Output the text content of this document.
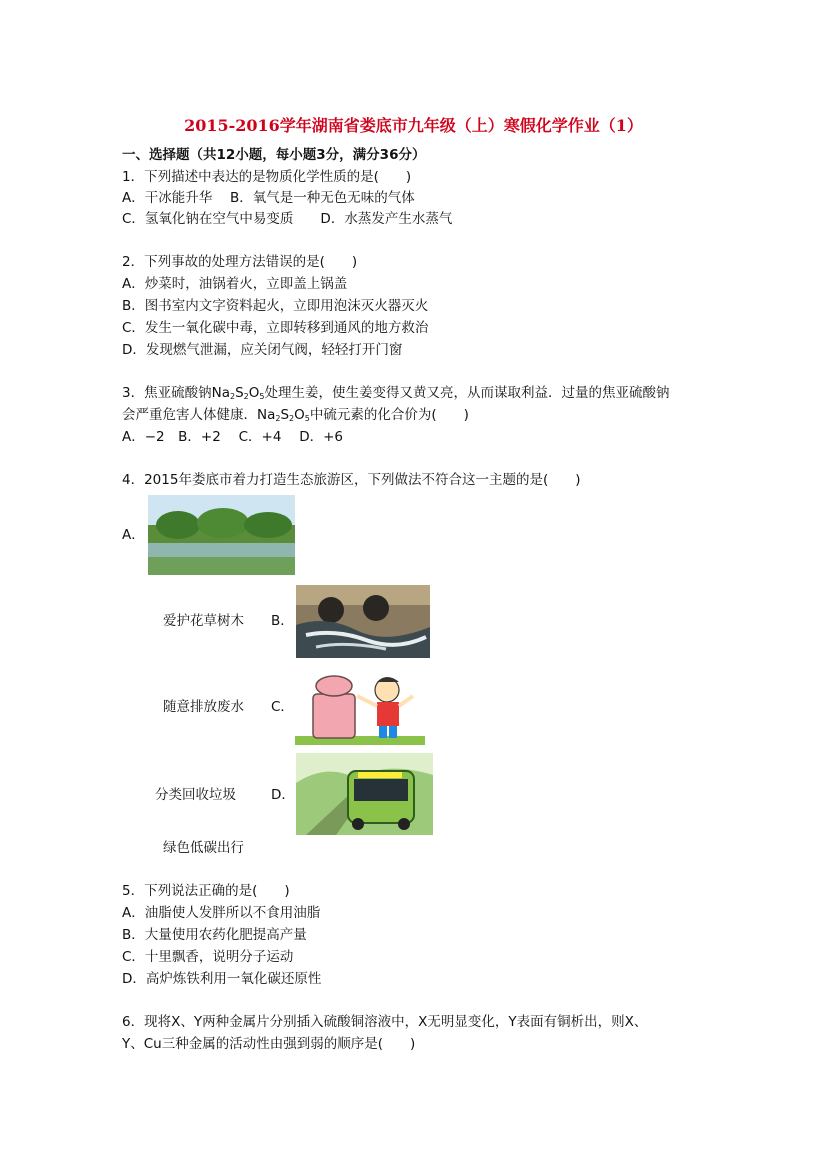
2015-2016学年湖南省娄底市九年级（上）寒假化学作业（1）
一、选择题（共12小题，每小题3分，满分36分）
1．下列描述中表达的是物质化学性质的是(　　)
A．干冰能升华　 B．氧气是一种无色无味的气体
C．氢氧化钠在空气中易变质　　D．水蒸发产生水蒸气
2．下列事故的处理方法错误的是(　　)
A．炒菜时，油锅着火，立即盖上锅盖
B．图书室内文字资料起火，立即用泡沫灭火器灭火
C．发生一氧化碳中毒，立即转移到通风的地方救治
D．发现燃气泄漏，应关闭气阀，轻轻打开门窗
3．焦亚硫酸钠$Na_2S_2O_5$处理生姜，使生姜变得又黄又亮，从而谋取利益．过量的焦亚硫酸钠
会严重危害人体健康．$Na_2S_2O_5$中硫元素的化合价为(　　)
A．−2　B．+2　 C．+4　 D．+6
4．2015年娄底市着力打造生态旅游区，下列做法不符合这一主题的是(　　)
A．
爱护花草树木 B．
随意排放废水 C．
分类回收垃圾	D．
绿色低碳出行
5．下列说法正确的是(　　)
A．油脂使人发胖所以不食用油脂
B．大量使用农药化肥提高产量
C．十里飘香，说明分子运动
D．高炉炼铁利用一氧化碳还原性
6．现将X、Y两种金属片分别插入硫酸铜溶液中，X无明显变化，Y表面有铜析出，则X、
Y、Cu三种金属的活动性由强到弱的顺序是(　　)
